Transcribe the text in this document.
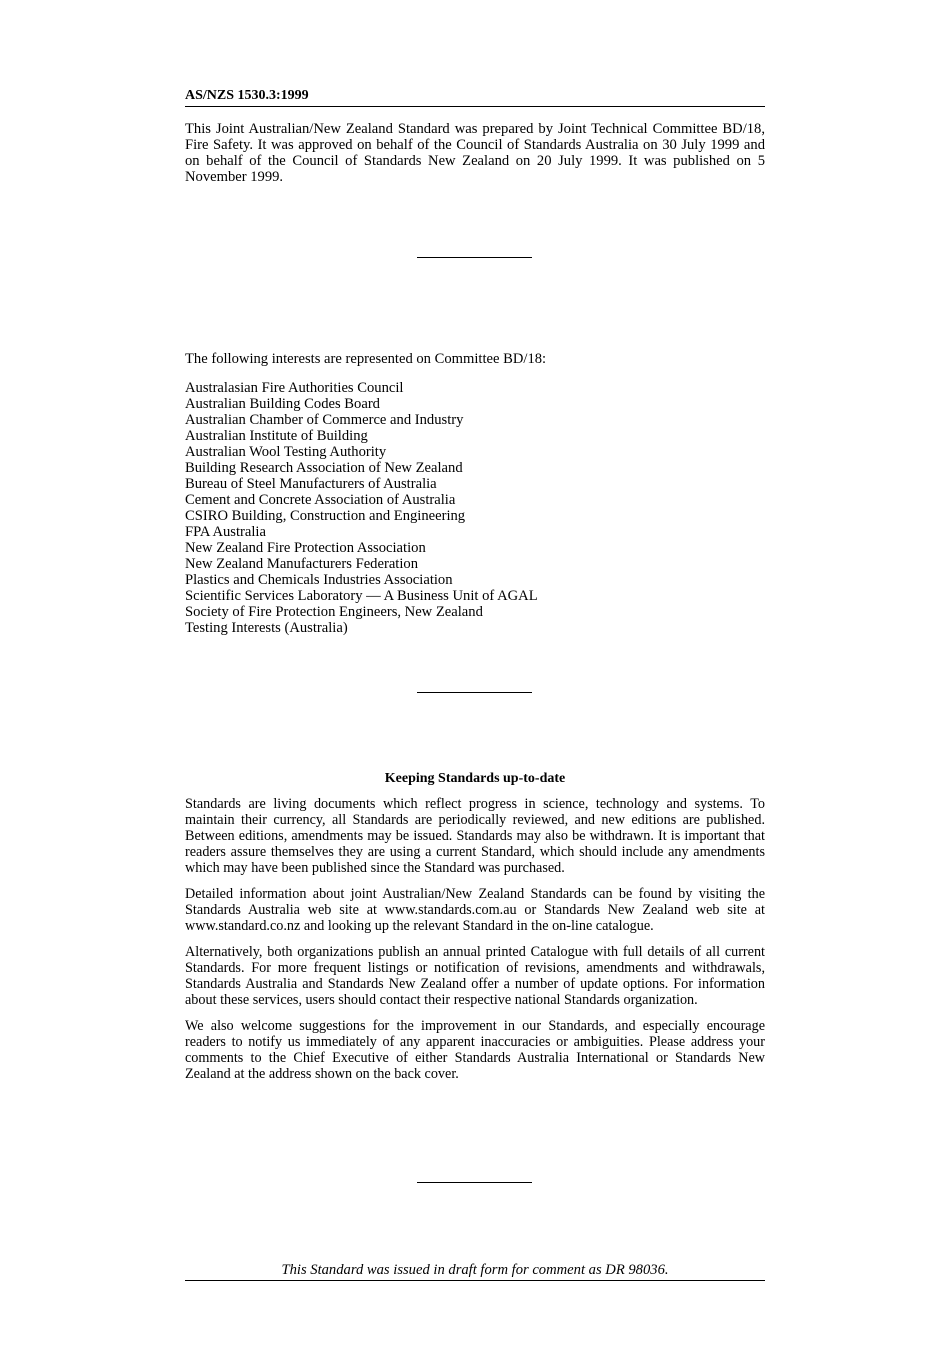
AS/NZS 1530.3:1999

This Joint Australian/New Zealand Standard was prepared by Joint Technical Committee BD/18, Fire Safety. It was approved on behalf of the Council of Standards Australia on 30 July 1999 and on behalf of the Council of Standards New Zealand on 20 July 1999. It was published on 5 November 1999.

The following interests are represented on Committee BD/18:

Australasian Fire Authorities Council
Australian Building Codes Board
Australian Chamber of Commerce and Industry
Australian Institute of Building
Australian Wool Testing Authority
Building Research Association of New Zealand
Bureau of Steel Manufacturers of Australia
Cement and Concrete Association of Australia
CSIRO Building, Construction and Engineering
FPA Australia
New Zealand Fire Protection Association
New Zealand Manufacturers Federation
Plastics and Chemicals Industries Association
Scientific Services Laboratory — A Business Unit of AGAL
Society of Fire Protection Engineers, New Zealand
Testing Interests (Australia)
Keeping Standards up-to-date

Standards are living documents which reflect progress in science, technology and systems. To maintain their currency, all Standards are periodically reviewed, and new editions are published. Between editions, amendments may be issued. Standards may also be withdrawn. It is important that readers assure themselves they are using a current Standard, which should include any amendments which may have been published since the Standard was purchased.

Detailed information about joint Australian/New Zealand Standards can be found by visiting the Standards Australia web site at www.standards.com.au or Standards New Zealand web site at www.standard.co.nz and looking up the relevant Standard in the on-line catalogue.

Alternatively, both organizations publish an annual printed Catalogue with full details of all current Standards. For more frequent listings or notification of revisions, amendments and withdrawals, Standards Australia and Standards New Zealand offer a number of update options. For information about these services, users should contact their respective national Standards organization.

We also welcome suggestions for the improvement in our Standards, and especially encourage readers to notify us immediately of any apparent inaccuracies or ambiguities. Please address your comments to the Chief Executive of either Standards Australia International or Standards New Zealand at the address shown on the back cover.

This Standard was issued in draft form for comment as DR 98036.
